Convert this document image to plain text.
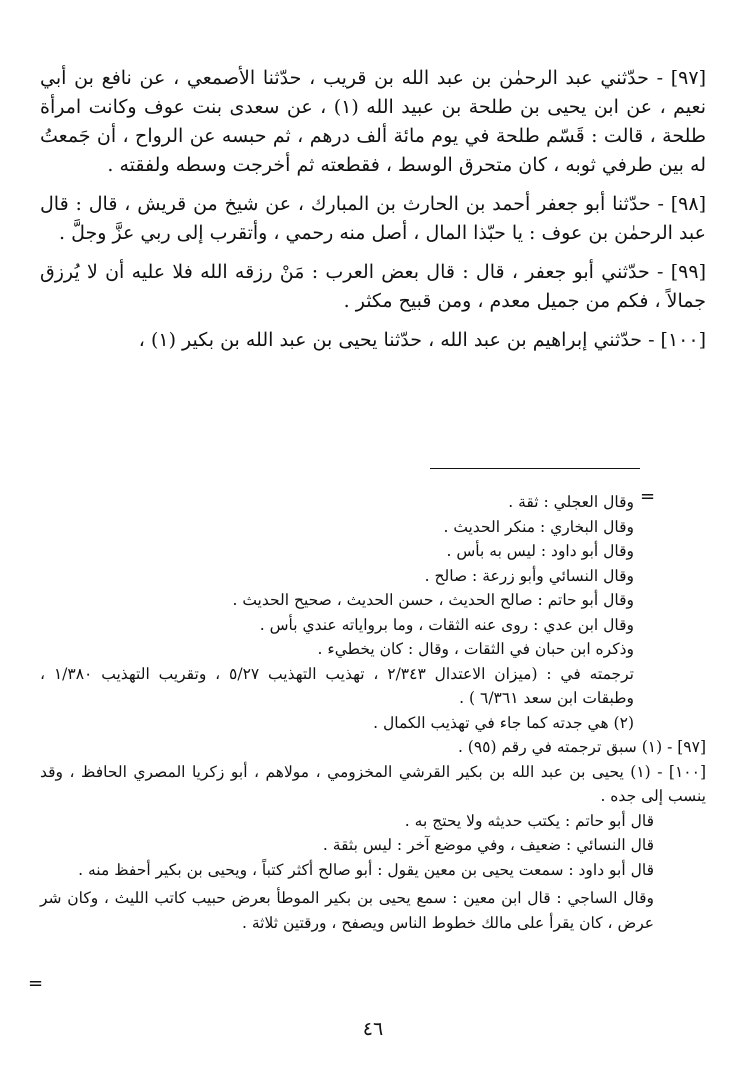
[٩٧] - حدّثني عبد الرحمٰن بن عبد الله بن قريب ، حدّثنا الأصمعي ، عن نافع بن أبي نعيم ، عن ابن يحيى بن طلحة بن عبيد الله (١) ، عن سعدى بنت عوف وكانت امرأة طلحة ، قالت : قَسّم طلحة في يوم مائة ألف درهم ، ثم حبسه عن الرواح ، أن جَمعتُ له بين طرفي ثوبه ، كان متحرق الوسط ، فقطعته ثم أخرجت وسطه ولفقته .

[٩٨] - حدّثنا أبو جعفر أحمد بن الحارث بن المبارك ، عن شيخ من قريش ، قال : قال عبد الرحمٰن بن عوف : يا حبّذا المال ، أصل منه رحمي ، وأتقرب إلى ربي عزَّ وجلَّ .

[٩٩] - حدّثني أبو جعفر ، قال : قال بعض العرب : مَنْ رزقه الله فلا عليه أن لا يُرزق جمالاً ، فكم من جميل معدم ، ومن قبيح مكثر .

[١٠٠] - حدّثني إبراهيم بن عبد الله ، حدّثنا يحيى بن عبد الله بن بكير (١) ،

=

وقال العجلي : ثقة .

وقال البخاري : منكر الحديث .

وقال أبو داود : ليس به بأس .

وقال النسائي وأبو زرعة : صالح .

وقال أبو حاتم : صالح الحديث ، حسن الحديث ، صحيح الحديث .

وقال ابن عدي : روى عنه الثقات ، وما برواياته عندي بأس .

وذكره ابن حبان في الثقات ، وقال : كان يخطيء .

ترجمته في : (ميزان الاعتدال ٢/٣٤٣ ، تهذيب التهذيب ٥/٢٧ ، وتقريب التهذيب ١/٣٨٠ ، وطبقات ابن سعد ٦/٣٦١ ) .

(٢) هي جدته كما جاء في تهذيب الكمال .

[٩٧] - (١) سبق ترجمته في رقم (٩٥) .

[١٠٠] - (١) يحيى بن عبد الله بن بكير القرشي المخزومي ، مولاهم ، أبو زكريا المصري الحافظ ، وقد ينسب إلى جده .

قال أبو حاتم : يكتب حديثه ولا يحتج به .

قال النسائي : ضعيف ، وفي موضع آخر : ليس بثقة .

قال أبو داود : سمعت يحيى بن معين يقول : أبو صالح أكثر كتباً ، ويحيى بن بكير أحفظ منه .

وقال الساجي : قال ابن معين : سمع يحيى بن بكير الموطأ بعرض حبيب كاتب الليث ، وكان شر عرض ، كان يقرأ على مالك خطوط الناس ويصفح ، ورقتين ثلاثة .

=
٤٦
